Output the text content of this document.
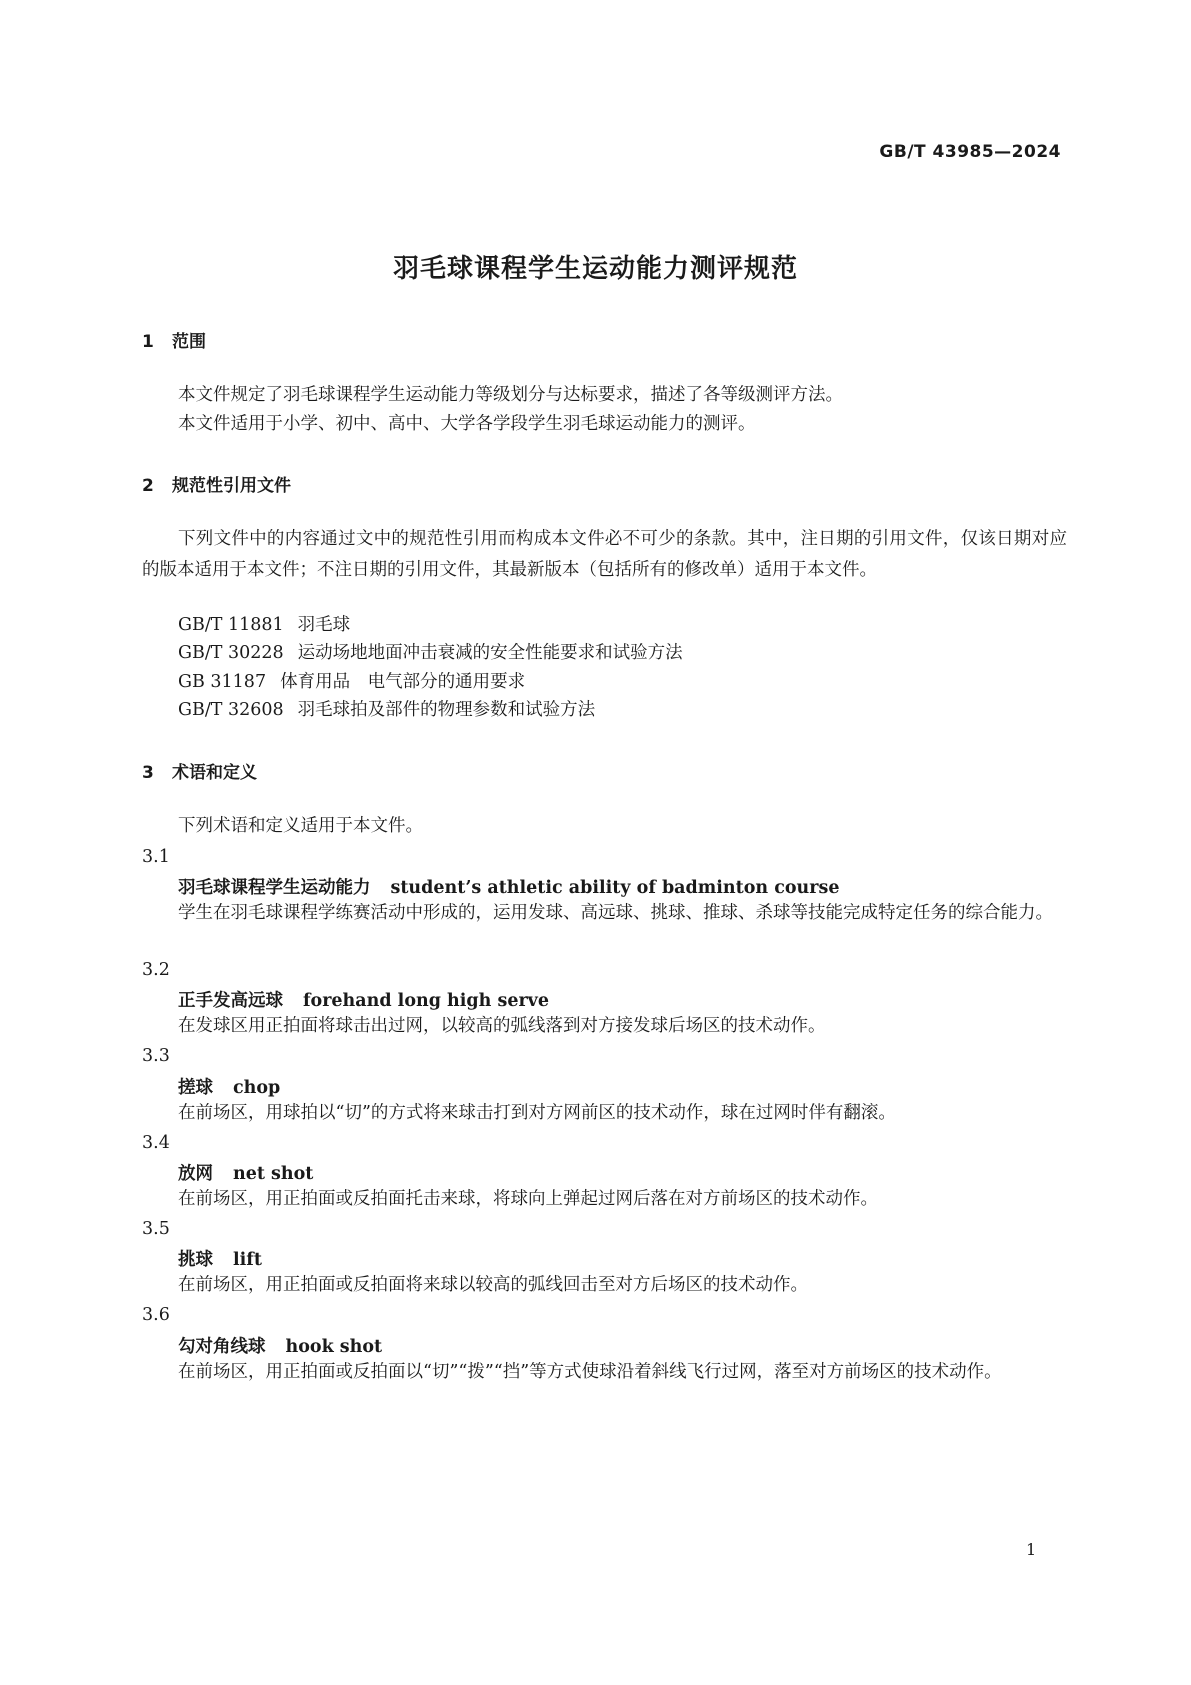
GB/T 43985—2024
羽毛球课程学生运动能力测评规范
1 范围
本文件规定了羽毛球课程学生运动能力等级划分与达标要求，描述了各等级测评方法。
本文件适用于小学、初中、高中、大学各学段学生羽毛球运动能力的测评。
2 规范性引用文件
下列文件中的内容通过文中的规范性引用而构成本文件必不可少的条款。其中，注日期的引用文件，仅该日期对应的版本适用于本文件；不注日期的引用文件，其最新版本（包括所有的修改单）适用于本文件。
GB/T 11881 羽毛球
GB/T 30228 运动场地地面冲击衰减的安全性能要求和试验方法
GB 31187 体育用品　电气部分的通用要求
GB/T 32608 羽毛球拍及部件的物理参数和试验方法
3 术语和定义
下列术语和定义适用于本文件。
3.1
羽毛球课程学生运动能力 student’s athletic ability of badminton course
学生在羽毛球课程学练赛活动中形成的，运用发球、高远球、挑球、推球、杀球等技能完成特定任务的综合能力。
3.2
正手发高远球 forehand long high serve
在发球区用正拍面将球击出过网，以较高的弧线落到对方接发球后场区的技术动作。
3.3
搓球 chop
在前场区，用球拍以“切”的方式将来球击打到对方网前区的技术动作，球在过网时伴有翻滚。
3.4
放网 net shot
在前场区，用正拍面或反拍面托击来球，将球向上弹起过网后落在对方前场区的技术动作。
3.5
挑球 lift
在前场区，用正拍面或反拍面将来球以较高的弧线回击至对方后场区的技术动作。
3.6
勾对角线球 hook shot
在前场区，用正拍面或反拍面以“切”“拨”“挡”等方式使球沿着斜线飞行过网，落至对方前场区的技术动作。
1
